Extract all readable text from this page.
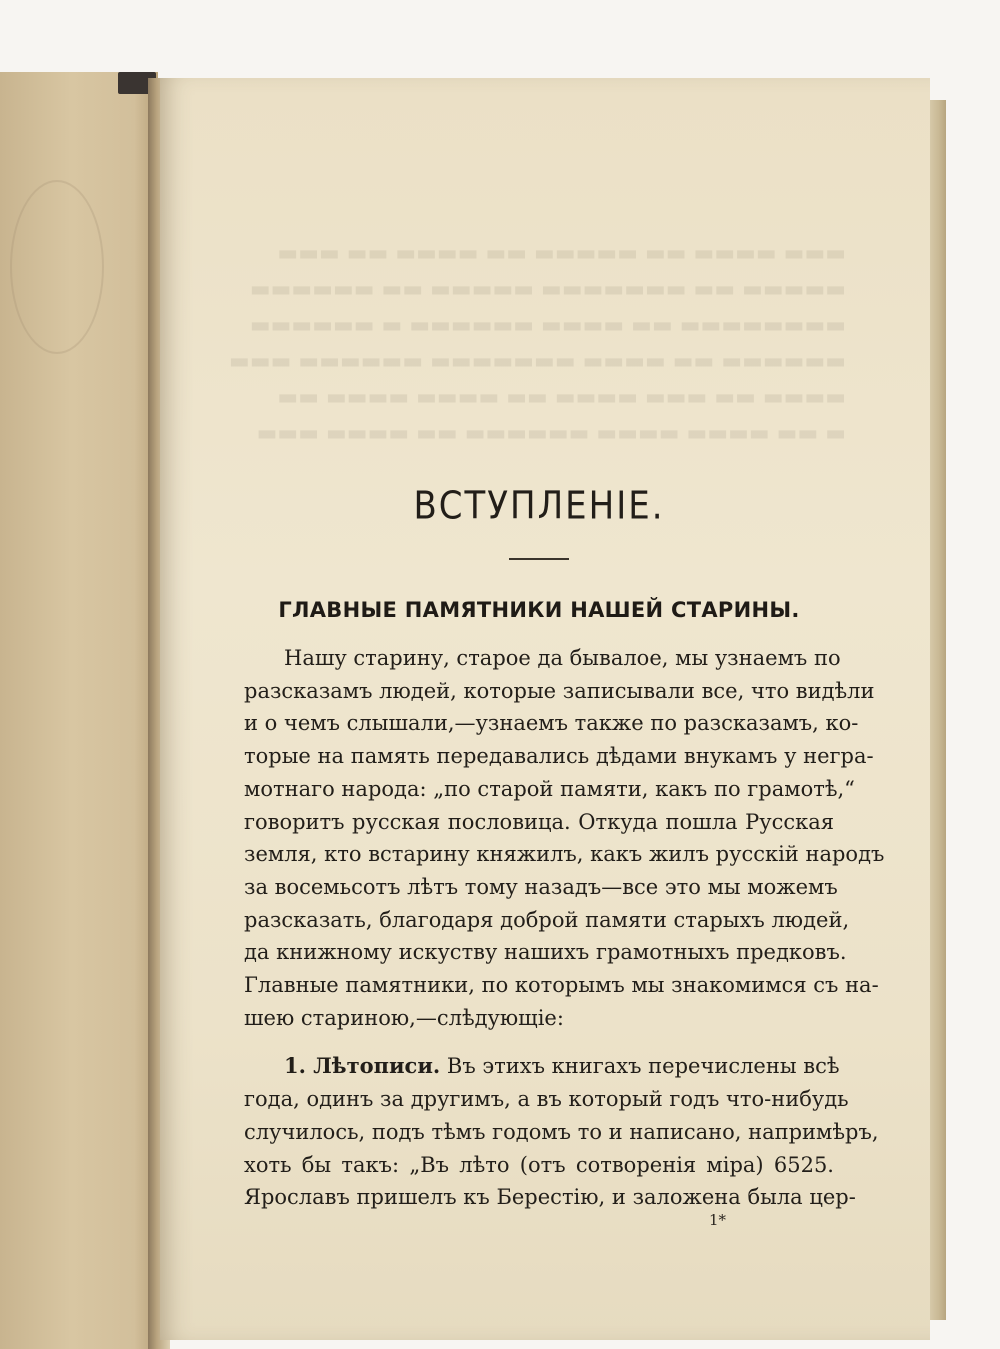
▬▬▬ ▬▬▬▬ ▬▬ ▬▬▬▬▬ ▬▬ ▬▬▬▬ ▬▬ ▬▬▬
▬▬▬▬▬ ▬▬ ▬▬▬▬▬▬▬ ▬▬▬▬▬ ▬▬ ▬▬▬▬▬▬
▬▬▬▬▬▬▬▬ ▬▬ ▬▬▬▬ ▬▬▬▬▬▬ ▬ ▬▬▬▬▬▬
▬▬▬▬▬▬ ▬▬ ▬▬▬▬ ▬▬▬▬▬▬▬ ▬▬▬▬▬▬ ▬▬▬
▬▬▬▬ ▬▬ ▬▬▬ ▬▬▬▬ ▬▬ ▬▬▬▬ ▬▬▬▬ ▬▬
▬ ▬▬ ▬▬▬▬ ▬▬▬▬ ▬▬▬▬▬▬ ▬▬ ▬▬▬▬ ▬▬▬
ВСТУПЛЕНІЕ.
ГЛАВНЫЕ ПАМЯТНИКИ НАШЕЙ СТАРИНЫ.
Нашу старину, старое да бывалое, мы узнаемъ по
разсказамъ людей, которые записывали все, что видѣли
и о чемъ слышали,—узнаемъ также по разсказамъ, ко-
торые на память передавались дѣдами внукамъ у негра-
мотнаго народа: „по старой памяти, какъ по грамотѣ,“
говоритъ русская пословица. Откуда пошла Русская
земля, кто встарину княжилъ, какъ жилъ русскій народъ
за восемьсотъ лѣтъ тому назадъ—все это мы можемъ
разсказать, благодаря доброй памяти старыхъ людей,
да книжному искуству нашихъ грамотныхъ предковъ.
Главные памятники, по которымъ мы знакомимся съ на-
шею стариною,—слѣдующіе:
1. Лѣтописи. Въ этихъ книгахъ перечислены всѣ
года, одинъ за другимъ, а въ который годъ что-нибудь
случилось, подъ тѣмъ годомъ то и написано, напримѣръ,
хоть бы такъ: „Въ лѣто (отъ сотворенія міра) 6525.
Ярославъ пришелъ къ Берестію, и заложена была цер-
1*
